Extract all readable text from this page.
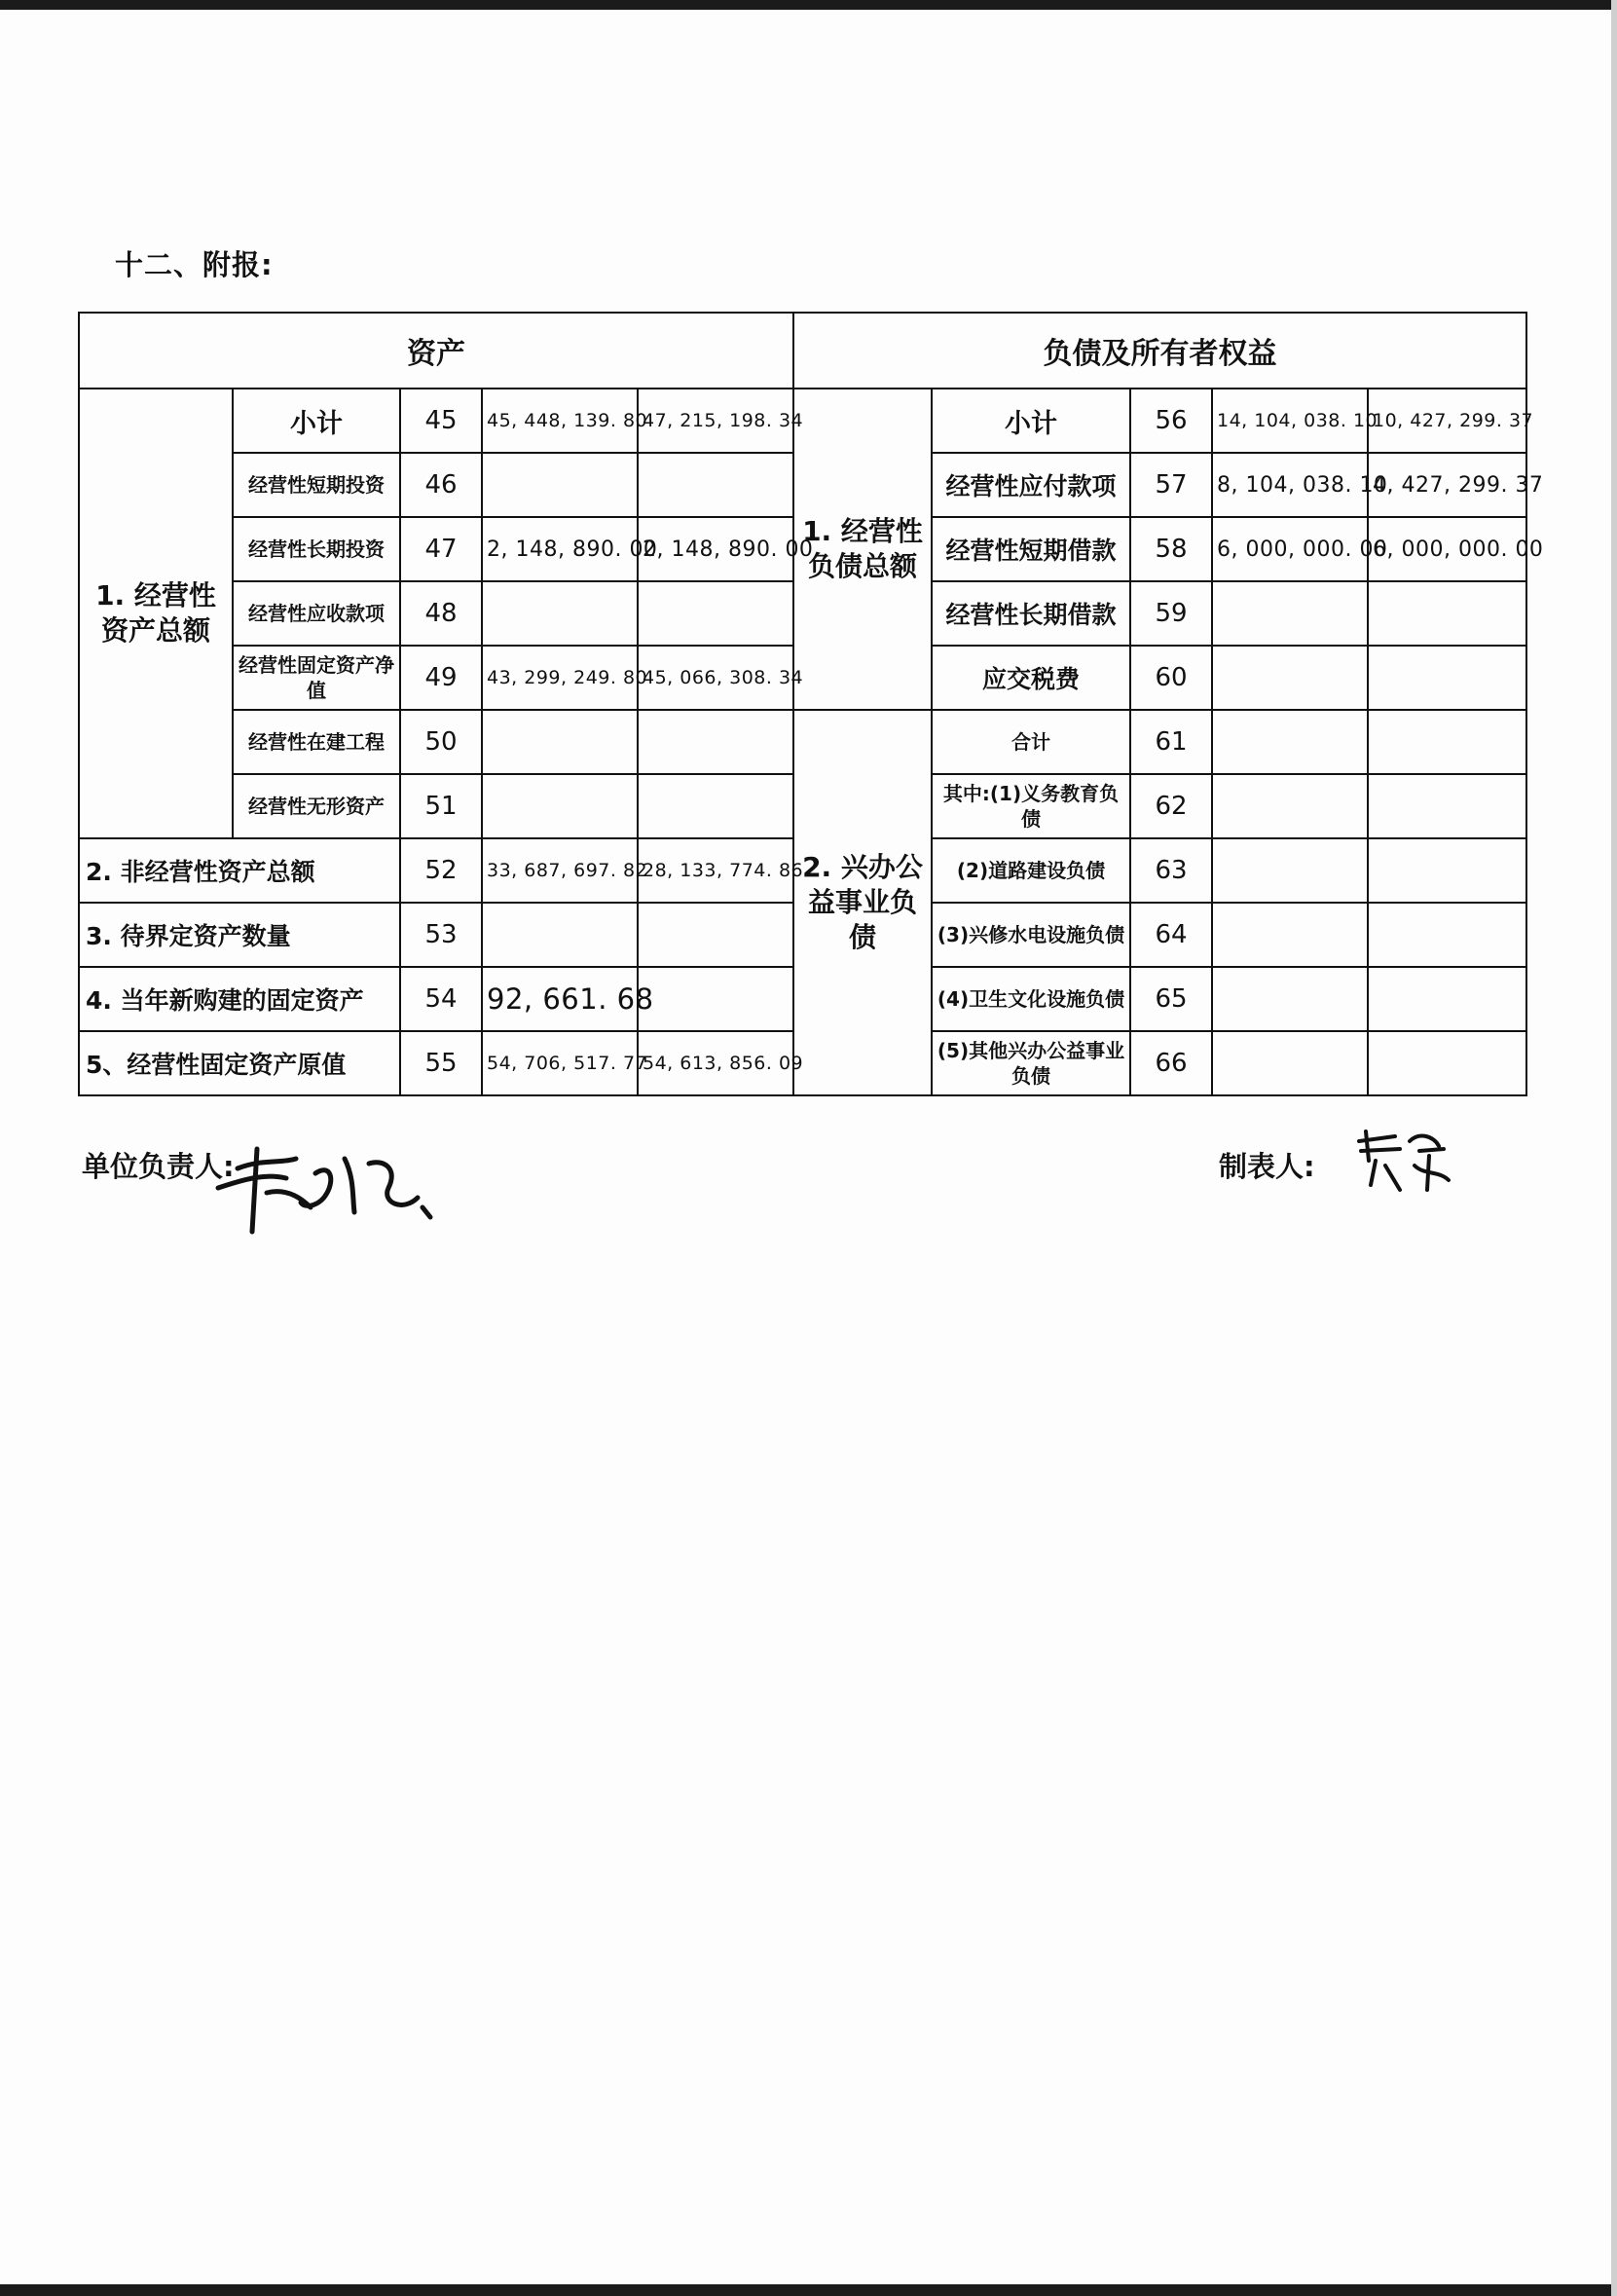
十二、附报:
资产					负债及所有者权益				
1. 经营性资产总额	小计	45	45, 448, 139. 80	47, 215, 198. 34	1. 经营性负债总额	小计	56	14, 104, 038. 10	10, 427, 299. 37
	经营性短期投资	46				经营性应付款项	57	8, 104, 038. 10	4, 427, 299. 37
	经营性长期投资	47	2, 148, 890. 00	2, 148, 890. 00		经营性短期借款	58	6, 000, 000. 00	6, 000, 000. 00
	经营性应收款项	48				经营性长期借款	59		
	经营性固定资产净值	49	43, 299, 249. 80	45, 066, 308. 34		应交税费	60		
	经营性在建工程	50			2. 兴办公益事业负债	合计	61		
	经营性无形资产	51				其中:(1)义务教育负债	62		
2. 非经营性资产总额		52	33, 687, 697. 82	28, 133, 774. 86		(2)道路建设负债	63		
3. 待界定资产数量		53				(3)兴修水电设施负债	64		
4. 当年新购建的固定资产		54	92, 661. 68			(4)卫生文化设施负债	65		
5、经营性固定资产原值		55	54, 706, 517. 77	54, 613, 856. 09		(5)其他兴办公益事业负债	66		
单位负责人:	制表人:
